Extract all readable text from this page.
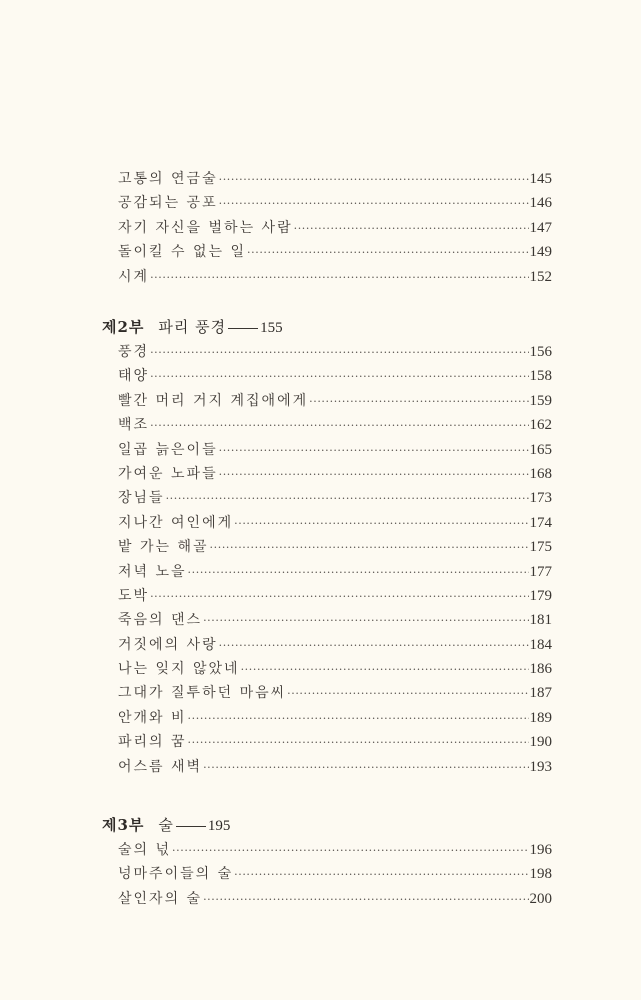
고통의 연금술 ·····	145
공감되는 공포 ·····	146
자기 자신을 벌하는 사람 ·····	147
돌이킬 수 없는 일 ·····	149
시계 ·····	152
제2부 파리 풍경 155
풍경 ·····	156
태양 ·····	158
빨간 머리 거지 계집애에게 ·····	159
백조 ·····	162
일곱 늙은이들 ·····	165
가여운 노파들 ·····	168
장님들 ·····	173
지나간 여인에게 ·····	174
밭 가는 해골 ·····	175
저녁 노을 ·····	177
도박 ·····	179
죽음의 댄스 ·····	181
거짓에의 사랑 ·····	184
나는 잊지 않았네 ·····	186
그대가 질투하던 마음씨 ·····	187
안개와 비 ·····	189
파리의 꿈 ·····	190
어스름 새벽 ·····	193
제3부 술 195
술의 넋 ·····	196
넝마주이들의 술 ·····	198
살인자의 술 ·····	200
